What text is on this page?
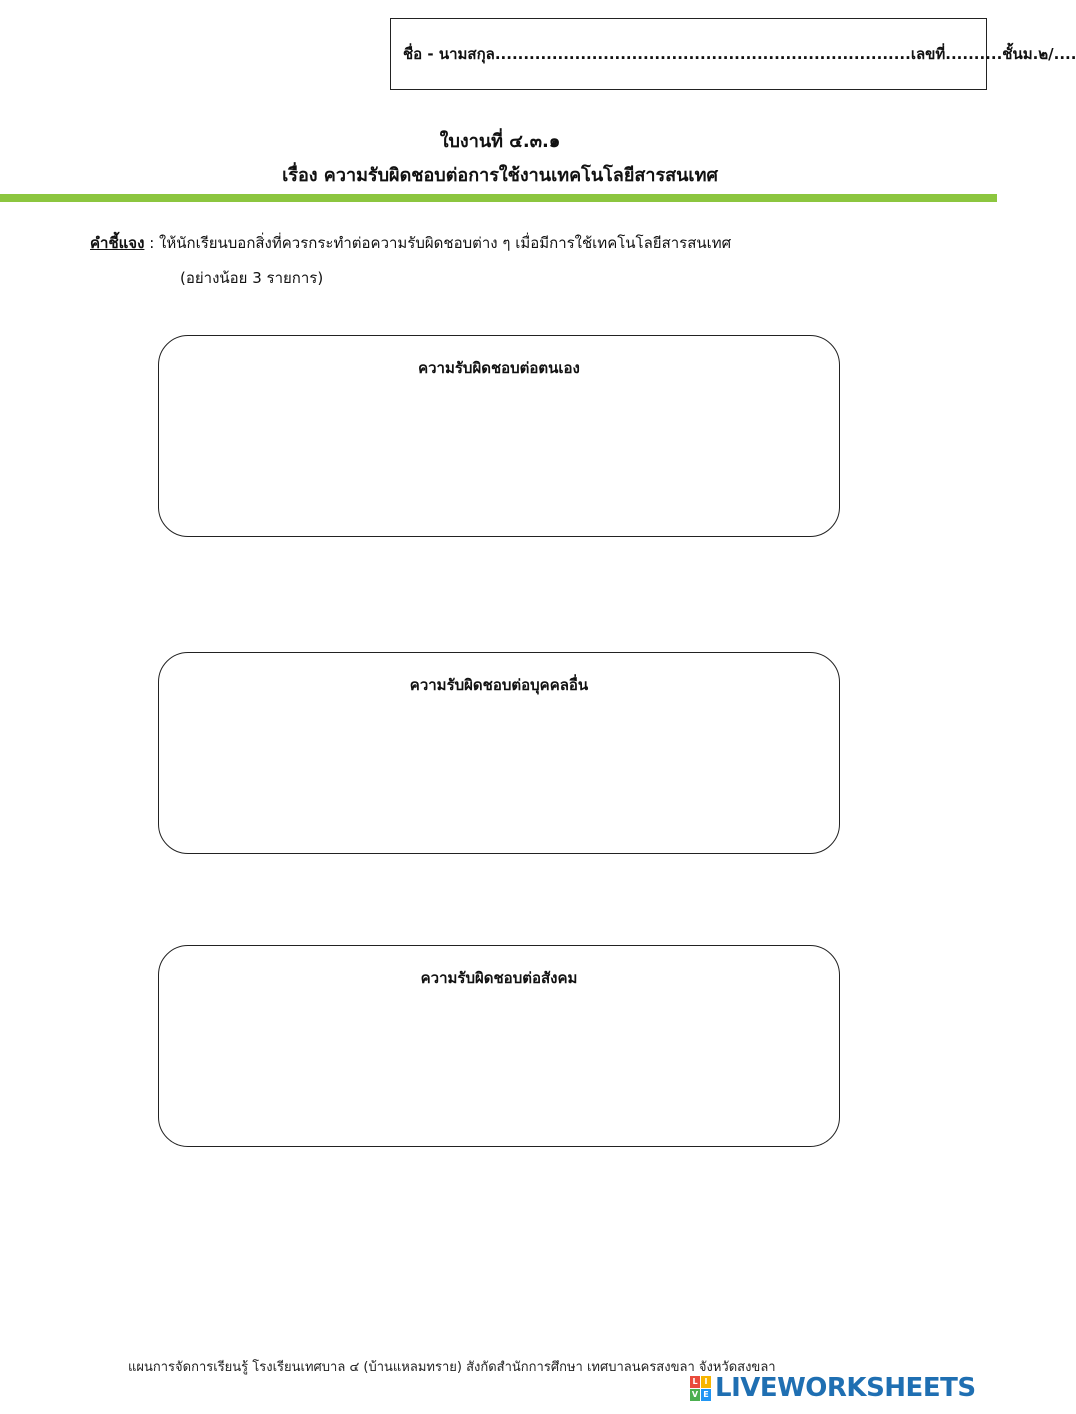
ชื่อ - นามสกุล.........................................................................เลขที่..........ชั้นม.๒/....
ใบงานที่ ๔.๓.๑
เรื่อง ความรับผิดชอบต่อการใช้งานเทคโนโลยีสารสนเทศ
คำชี้แจง : ให้นักเรียนบอกสิ่งที่ควรกระทำต่อความรับผิดชอบต่าง ๆ เมื่อมีการใช้เทคโนโลยีสารสนเทศ
(อย่างน้อย 3 รายการ)
ความรับผิดชอบต่อตนเอง
ความรับผิดชอบต่อบุคคลอื่น
ความรับผิดชอบต่อสังคม
แผนการจัดการเรียนรู้ โรงเรียนเทศบาล ๔ (บ้านแหลมทราย) สังกัดสำนักการศึกษา เทศบาลนครสงขลา จังหวัดสงขลา
L I
V E LIVEWORKSHEETS
